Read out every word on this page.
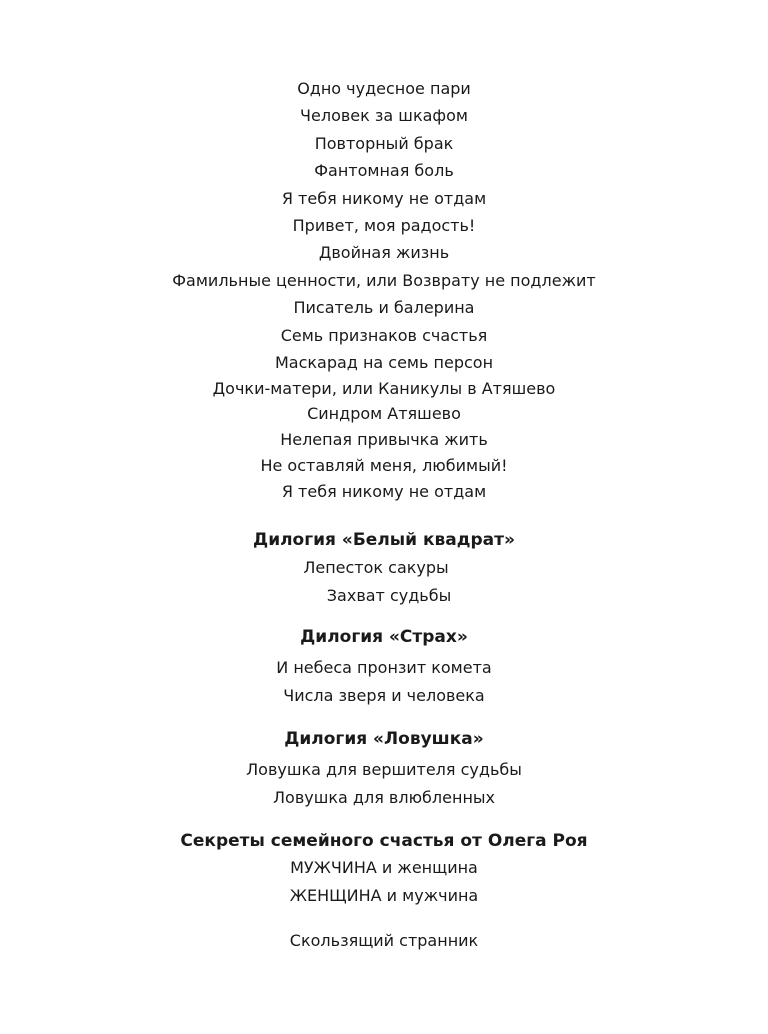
Одно чудесное пари
Человек за шкафом
Повторный брак
Фантомная боль
Я тебя никому не отдам
Привет, моя радость!
Двойная жизнь
Фамильные ценности, или Возврату не подлежит
Писатель и балерина
Семь признаков счастья
Маскарад на семь персон
Дочки-матери, или Каникулы в Атяшево
Синдром Атяшево
Нелепая привычка жить
Не оставляй меня, любимый!
Я тебя никому не отдам
Дилогия «Белый квадрат»
Лепесток сакуры
Захват судьбы
Дилогия «Страх»
И небеса пронзит комета
Числа зверя и человека
Дилогия «Ловушка»
Ловушка для вершителя судьбы
Ловушка для влюбленных
Секреты семейного счастья от Олега Роя
МУЖЧИНА и женщина
ЖЕНЩИНА и мужчина
Скользящий странник
